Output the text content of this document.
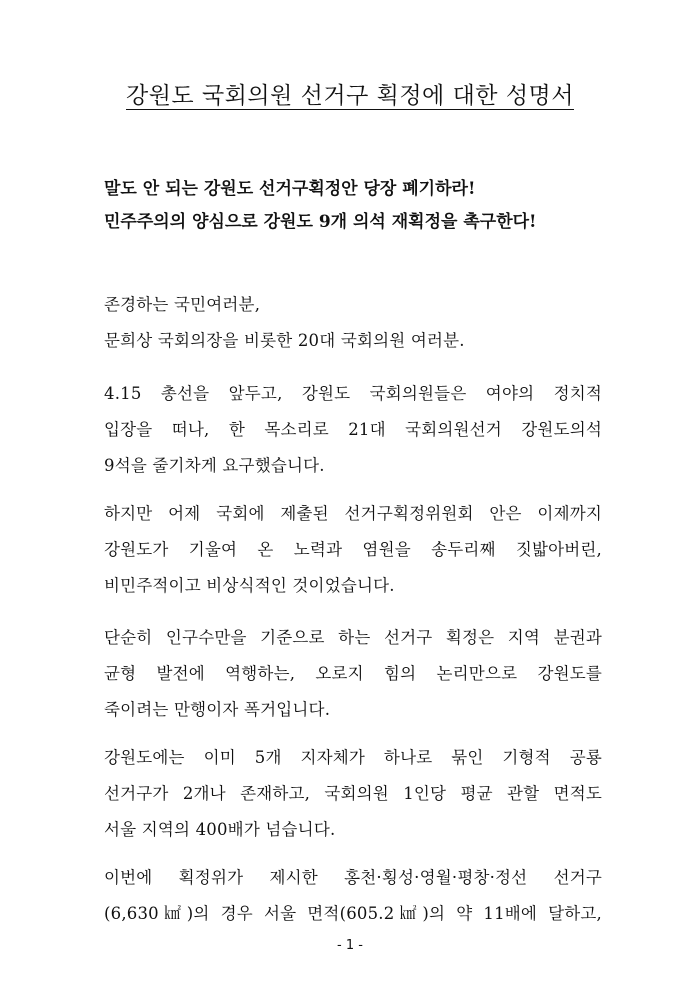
강원도 국회의원 선거구 획정에 대한 성명서
말도 안 되는 강원도 선거구획정안 당장 폐기하라!
민주주의의 양심으로 강원도 9개 의석 재획정을 촉구한다!
존경하는 국민여러분,
문희상 국회의장을 비롯한 20대 국회의원 여러분.
4.15 총선을 앞두고, 강원도 국회의원들은 여야의 정치적
입장을 떠나, 한 목소리로 21대 국회의원선거 강원도의석
9석을 줄기차게 요구했습니다.
하지만 어제 국회에 제출된 선거구획정위원회 안은 이제까지
강원도가 기울여 온 노력과 염원을 송두리째 짓밟아버린,
비민주적이고 비상식적인 것이었습니다.
단순히 인구수만을 기준으로 하는 선거구 획정은 지역 분권과
균형 발전에 역행하는, 오로지 힘의 논리만으로 강원도를
죽이려는 만행이자 폭거입니다.
강원도에는 이미 5개 지자체가 하나로 묶인 기형적 공룡
선거구가 2개나 존재하고, 국회의원 1인당 평균 관할 면적도
서울 지역의 400배가 넘습니다.
이번에 획정위가 제시한 홍천·횡성·영월·평창·정선 선거구
(6,630㎢)의 경우 서울 면적(605.2㎢)의 약 11배에 달하고,
- 1 -
